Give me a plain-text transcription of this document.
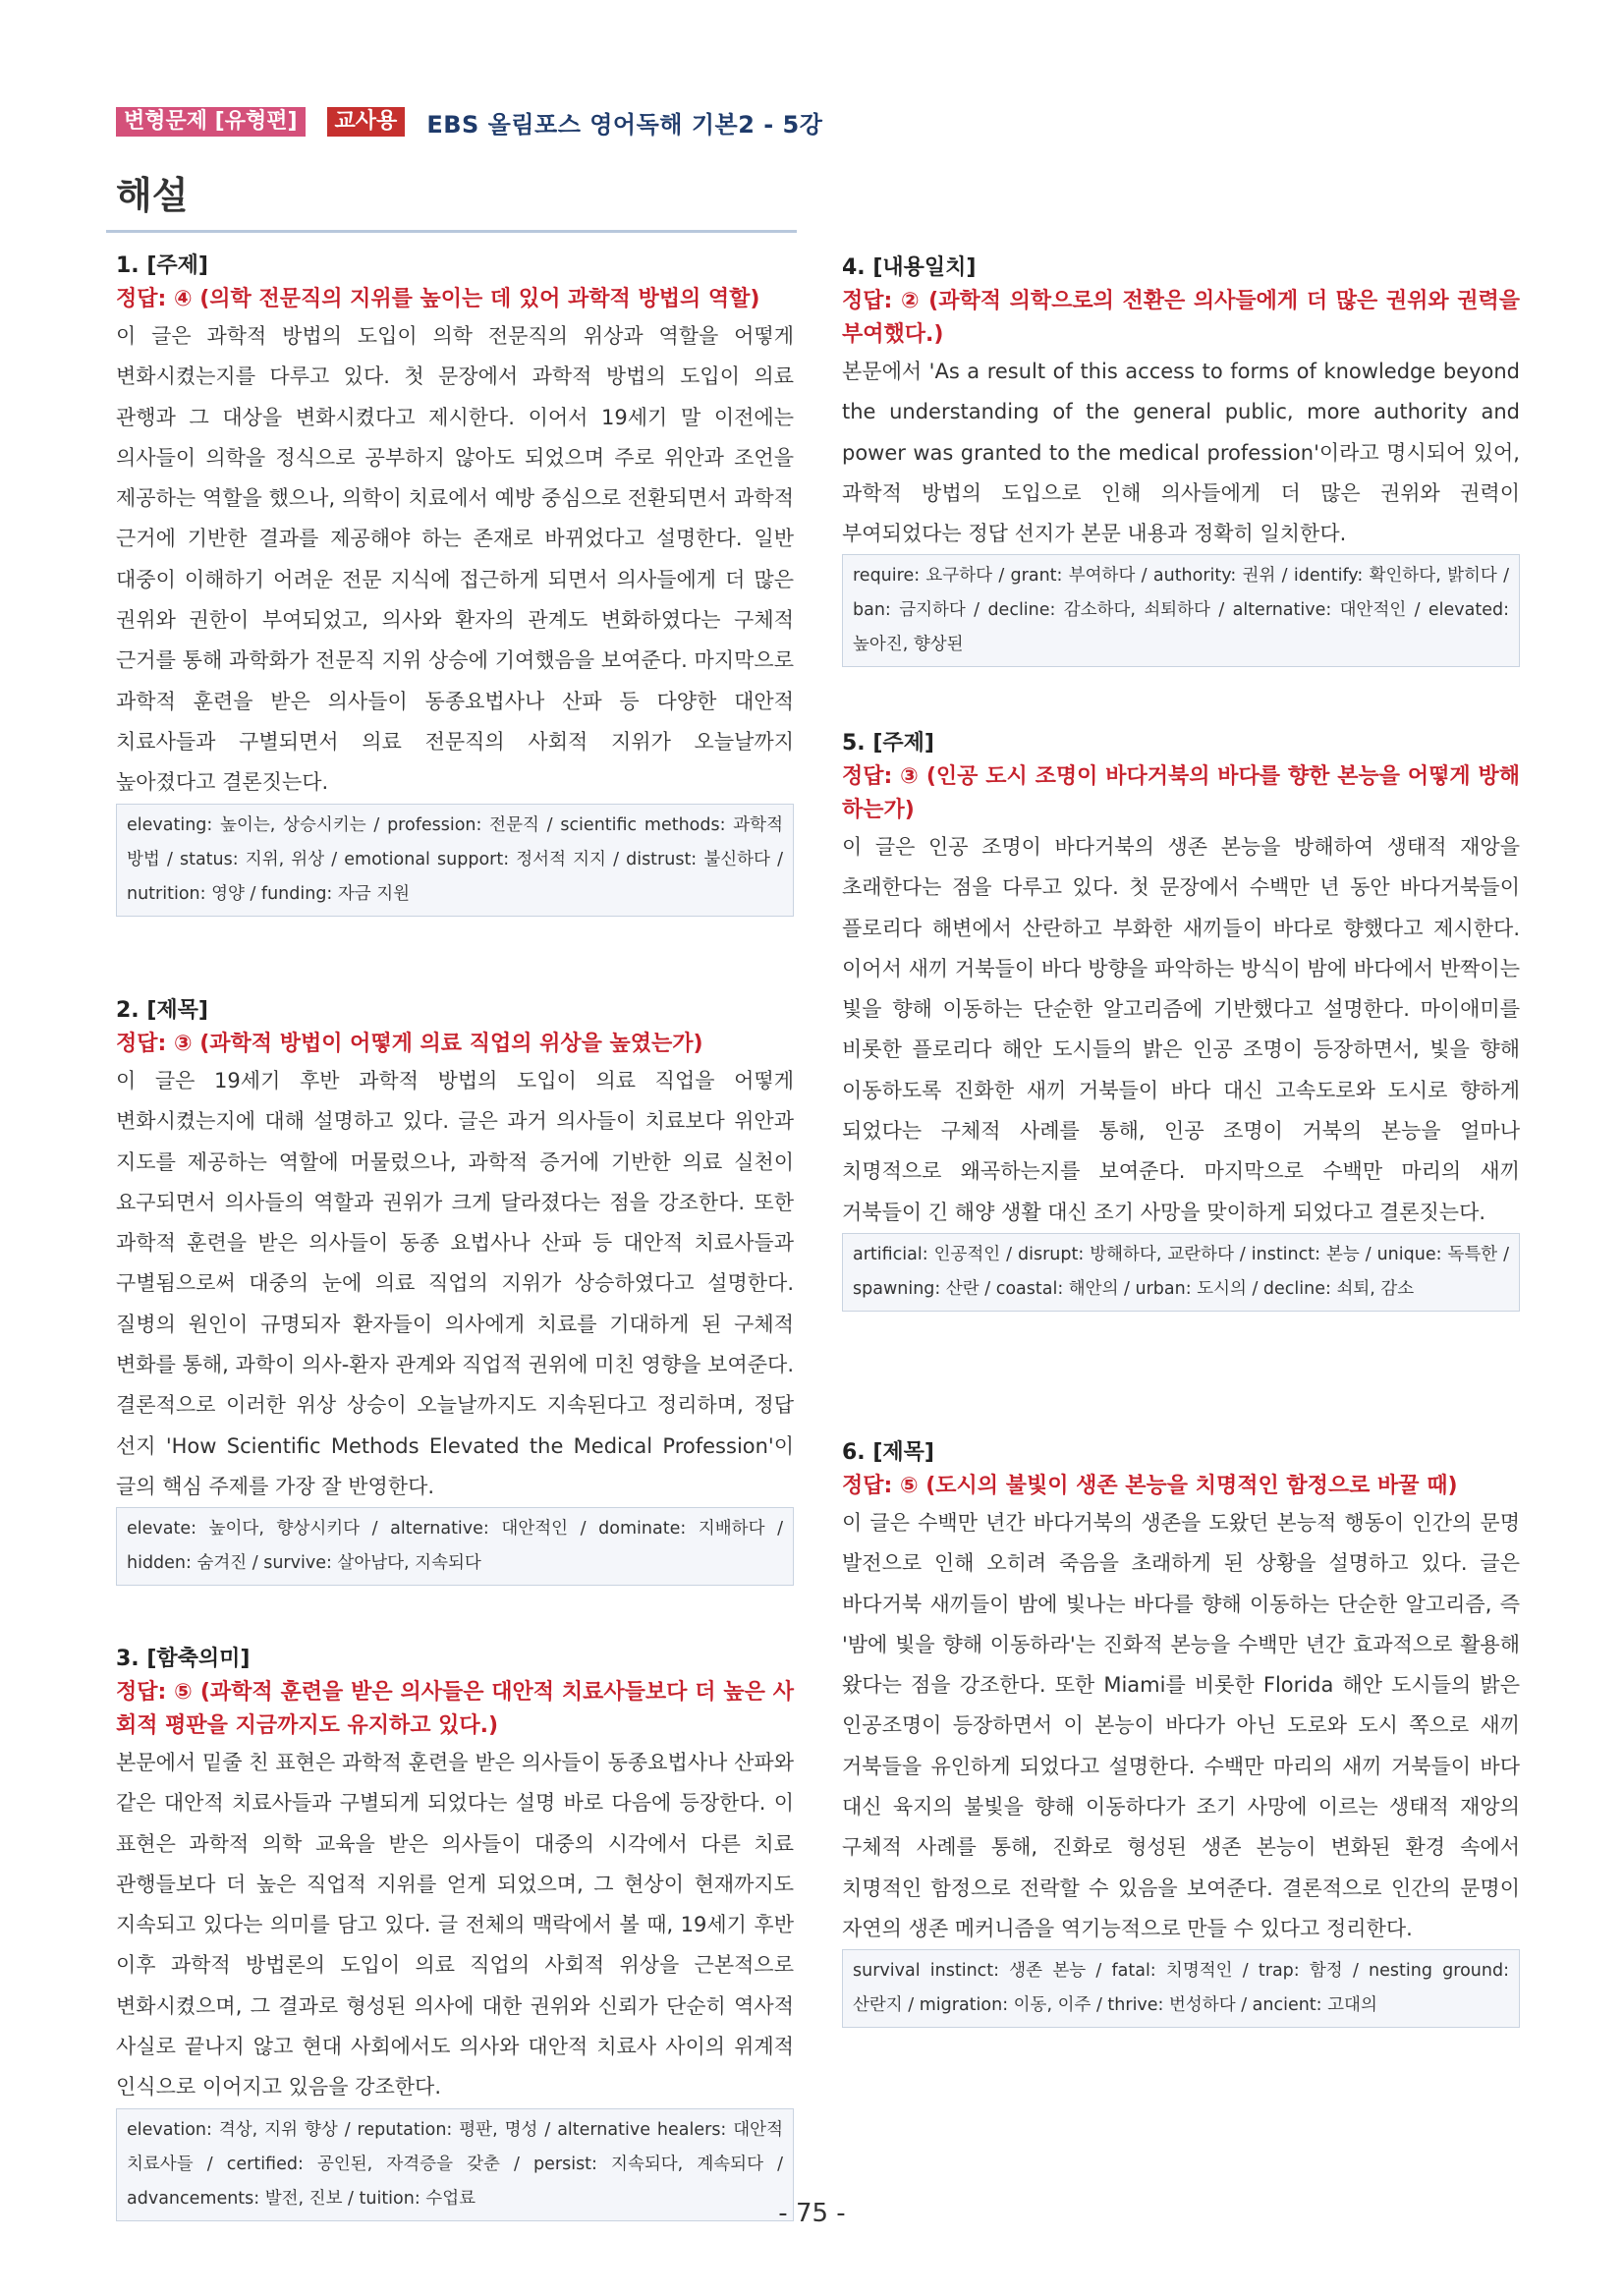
변형문제 [유형편]	교사용	EBS 올림포스 영어독해 기본2 - 5강
해설
1. [주제]
정답: ④ (의학 전문직의 지위를 높이는 데 있어 과학적 방법의 역할)
이 글은 과학적 방법의 도입이 의학 전문직의 위상과 역할을 어떻게 변화시켰는지를 다루고 있다. 첫 문장에서 과학적 방법의 도입이 의료 관행과 그 대상을 변화시켰다고 제시한다. 이어서 19세기 말 이전에는 의사들이 의학을 정식으로 공부하지 않아도 되었으며 주로 위안과 조언을 제공하는 역할을 했으나, 의학이 치료에서 예방 중심으로 전환되면서 과학적 근거에 기반한 결과를 제공해야 하는 존재로 바뀌었다고 설명한다. 일반 대중이 이해하기 어려운 전문 지식에 접근하게 되면서 의사들에게 더 많은 권위와 권한이 부여되었고, 의사와 환자의 관계도 변화하였다는 구체적 근거를 통해 과학화가 전문직 지위 상승에 기여했음을 보여준다. 마지막으로 과학적 훈련을 받은 의사들이 동종요법사나 산파 등 다양한 대안적 치료사들과 구별되면서 의료 전문직의 사회적 지위가 오늘날까지 높아졌다고 결론짓는다.
elevating: 높이는, 상승시키는 / profession: 전문직 / scientific methods: 과학적 방법 / status: 지위, 위상 / emotional support: 정서적 지지 / distrust: 불신하다 / nutrition: 영양 / funding: 자금 지원
2. [제목]
정답: ③ (과학적 방법이 어떻게 의료 직업의 위상을 높였는가)
이 글은 19세기 후반 과학적 방법의 도입이 의료 직업을 어떻게 변화시켰는지에 대해 설명하고 있다. 글은 과거 의사들이 치료보다 위안과 지도를 제공하는 역할에 머물렀으나, 과학적 증거에 기반한 의료 실천이 요구되면서 의사들의 역할과 권위가 크게 달라졌다는 점을 강조한다. 또한 과학적 훈련을 받은 의사들이 동종 요법사나 산파 등 대안적 치료사들과 구별됨으로써 대중의 눈에 의료 직업의 지위가 상승하였다고 설명한다. 질병의 원인이 규명되자 환자들이 의사에게 치료를 기대하게 된 구체적 변화를 통해, 과학이 의사-환자 관계와 직업적 권위에 미친 영향을 보여준다. 결론적으로 이러한 위상 상승이 오늘날까지도 지속된다고 정리하며, 정답 선지 'How Scientific Methods Elevated the Medical Profession'이 글의 핵심 주제를 가장 잘 반영한다.
elevate: 높이다, 향상시키다 / alternative: 대안적인 / dominate: 지배하다 / hidden: 숨겨진 / survive: 살아남다, 지속되다
3. [함축의미]
정답: ⑤ (과학적 훈련을 받은 의사들은 대안적 치료사들보다 더 높은 사회적 평판을 지금까지도 유지하고 있다.)
본문에서 밑줄 친 표현은 과학적 훈련을 받은 의사들이 동종요법사나 산파와 같은 대안적 치료사들과 구별되게 되었다는 설명 바로 다음에 등장한다. 이 표현은 과학적 의학 교육을 받은 의사들이 대중의 시각에서 다른 치료 관행들보다 더 높은 직업적 지위를 얻게 되었으며, 그 현상이 현재까지도 지속되고 있다는 의미를 담고 있다. 글 전체의 맥락에서 볼 때, 19세기 후반 이후 과학적 방법론의 도입이 의료 직업의 사회적 위상을 근본적으로 변화시켰으며, 그 결과로 형성된 의사에 대한 권위와 신뢰가 단순히 역사적 사실로 끝나지 않고 현대 사회에서도 의사와 대안적 치료사 사이의 위계적 인식으로 이어지고 있음을 강조한다.
elevation: 격상, 지위 향상 / reputation: 평판, 명성 / alternative healers: 대안적 치료사들 / certified: 공인된, 자격증을 갖춘 / persist: 지속되다, 계속되다 / advancements: 발전, 진보 / tuition: 수업료
4. [내용일치]
정답: ② (과학적 의학으로의 전환은 의사들에게 더 많은 권위와 권력을 부여했다.)
본문에서 'As a result of this access to forms of knowledge beyond the understanding of the general public, more authority and power was granted to the medical profession'이라고 명시되어 있어, 과학적 방법의 도입으로 인해 의사들에게 더 많은 권위와 권력이 부여되었다는 정답 선지가 본문 내용과 정확히 일치한다.
require: 요구하다 / grant: 부여하다 / authority: 권위 / identify: 확인하다, 밝히다 / ban: 금지하다 / decline: 감소하다, 쇠퇴하다 / alternative: 대안적인 / elevated: 높아진, 향상된
5. [주제]
정답: ③ (인공 도시 조명이 바다거북의 바다를 향한 본능을 어떻게 방해하는가)
이 글은 인공 조명이 바다거북의 생존 본능을 방해하여 생태적 재앙을 초래한다는 점을 다루고 있다. 첫 문장에서 수백만 년 동안 바다거북들이 플로리다 해변에서 산란하고 부화한 새끼들이 바다로 향했다고 제시한다. 이어서 새끼 거북들이 바다 방향을 파악하는 방식이 밤에 바다에서 반짝이는 빛을 향해 이동하는 단순한 알고리즘에 기반했다고 설명한다. 마이애미를 비롯한 플로리다 해안 도시들의 밝은 인공 조명이 등장하면서, 빛을 향해 이동하도록 진화한 새끼 거북들이 바다 대신 고속도로와 도시로 향하게 되었다는 구체적 사례를 통해, 인공 조명이 거북의 본능을 얼마나 치명적으로 왜곡하는지를 보여준다. 마지막으로 수백만 마리의 새끼 거북들이 긴 해양 생활 대신 조기 사망을 맞이하게 되었다고 결론짓는다.
artificial: 인공적인 / disrupt: 방해하다, 교란하다 / instinct: 본능 / unique: 독특한 / spawning: 산란 / coastal: 해안의 / urban: 도시의 / decline: 쇠퇴, 감소
6. [제목]
정답: ⑤ (도시의 불빛이 생존 본능을 치명적인 함정으로 바꿀 때)
이 글은 수백만 년간 바다거북의 생존을 도왔던 본능적 행동이 인간의 문명 발전으로 인해 오히려 죽음을 초래하게 된 상황을 설명하고 있다. 글은 바다거북 새끼들이 밤에 빛나는 바다를 향해 이동하는 단순한 알고리즘, 즉 '밤에 빛을 향해 이동하라'는 진화적 본능을 수백만 년간 효과적으로 활용해 왔다는 점을 강조한다. 또한 Miami를 비롯한 Florida 해안 도시들의 밝은 인공조명이 등장하면서 이 본능이 바다가 아닌 도로와 도시 쪽으로 새끼 거북들을 유인하게 되었다고 설명한다. 수백만 마리의 새끼 거북들이 바다 대신 육지의 불빛을 향해 이동하다가 조기 사망에 이르는 생태적 재앙의 구체적 사례를 통해, 진화로 형성된 생존 본능이 변화된 환경 속에서 치명적인 함정으로 전락할 수 있음을 보여준다. 결론적으로 인간의 문명이 자연의 생존 메커니즘을 역기능적으로 만들 수 있다고 정리한다.
survival instinct: 생존 본능 / fatal: 치명적인 / trap: 함정 / nesting ground: 산란지 / migration: 이동, 이주 / thrive: 번성하다 / ancient: 고대의
- 75 -
